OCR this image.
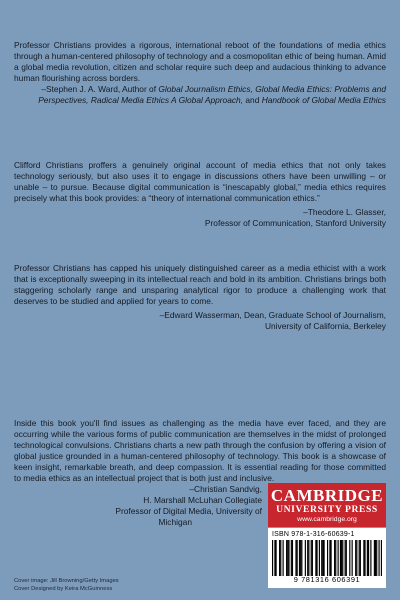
Professor Christians provides a rigorous, international reboot of the foundations of media ethics through a human-centered philosophy of technology and a cosmopolitan ethic of being human. Amid a global media revolution, citizen and scholar require such deep and audacious thinking to advance human flourishing across borders.

–Stephen J. A. Ward, Author of Global Journalism Ethics, Global Media Ethics: Problems and Perspectives, Radical Media Ethics A Global Approach, and Handbook of Global Media Ethics

Clifford Christians proffers a genuinely original account of media ethics that not only takes technology seriously, but also uses it to engage in discussions others have been unwilling – or unable – to pursue. Because digital communication is “inescapably global,” media ethics requires precisely what this book provides: a “theory of international communication ethics.”

–Theodore L. Glasser,

Professor of Communication, Stanford University

Professor Christians has capped his uniquely distinguished career as a media ethicist with a work that is exceptionally sweeping in its intellectual reach and bold in its ambition. Christians brings both staggering scholarly range and unsparing analytical rigor to produce a challenging work that deserves to be studied and applied for years to come.

–Edward Wasserman, Dean, Graduate School of Journalism,

University of California, Berkeley

Inside this book you'll find issues as challenging as the media have ever faced, and they are occurring while the various forms of public communication are themselves in the midst of prolonged technological convulsions. Christians charts a new path through the confusion by offering a vision of global justice grounded in a human-centered philosophy of technology. This book is a showcase of keen insight, remarkable breath, and deep compassion. It is essential reading for those committed to media ethics as an intellectual project that is both just and inclusive.

–Christian Sandvig,

H. Marshall McLuhan Collegiate

Professor of Digital Media, University of

Michigan

CAMBRIDGE
UNIVERSITY PRESS
www.cambridge.org
ISBN 978-1-316-60639-1
9 781316 606391
Cover image: Jill Browning/Getty Images
Cover Designed by Keira McGuinness
